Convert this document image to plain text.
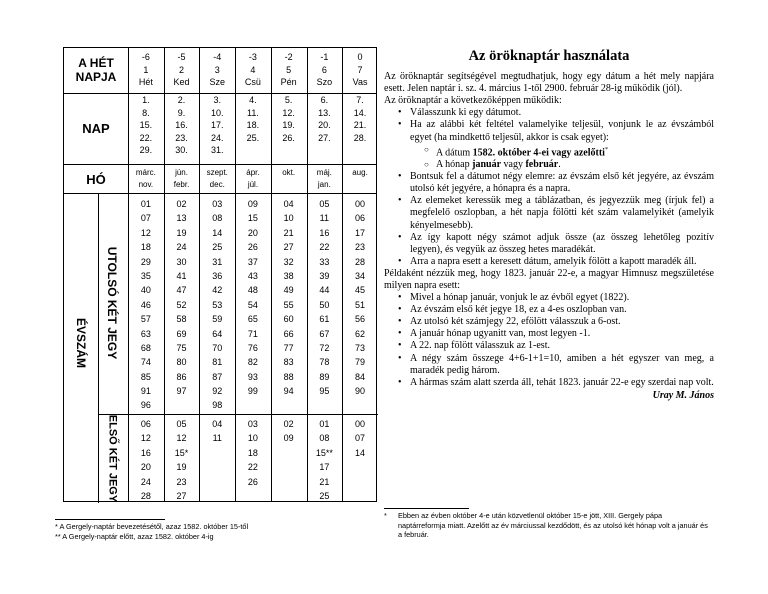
A HÉT NAPJA
NAP
HÓ
ÉVSZÁM UTOLSÓ KÉT JEGY
ELSŐ KÉT JEGY
-6
1
Hét
1.
8.
15.
22.
29.
márc.
nov.
01
07
12
18
29
35
40
46
57
63
68
74
85
91
96
06
12
16
20
24
28
-5
2
Ked
2.
9.
16.
23.
30.
jún.
febr.
02
13
19
24
30
41
47
52
58
69
75
80
86
97
05
12
15*
19
23
27
-4
3
Sze
3.
10.
17.
24.
31.
szept.
dec.
03
08
14
25
31
36
42
53
59
64
70
81
87
92
98
04
11
-3
4
Csü
4.
11.
18.
25.
ápr.
júl.
09
15
20
26
37
43
48
54
65
71
76
82
93
99
03
10
18
22
26
-2
5
Pén
5.
12.
19.
26.
okt.
04
10
21
27
32
38
49
55
60
66
77
83
88
94
02
09
-1
6
Szo
6.
13.
20.
27.
máj.
jan.
05
11
16
22
33
39
44
50
61
67
72
78
89
95
01
08
15**
17
21
25
0
7
Vas
7.
14.
21.
28.
aug.
00
06
17
23
28
34
45
51
56
62
73
79
84
90
00
07
14
Az öröknaptár használata

Az öröknaptár segítségével megtudhatjuk, hogy egy dátum a hét mely napjára esett. Jelen naptár i. sz. 4. március 1-től 2900. február 28-ig működik (jól).

Az öröknaptár a következőképpen működik:

• Válasszunk ki egy dátumot.
• Ha az alábbi két feltétel valamelyike teljesül, vonjunk le az évszámból egyet (ha mindkettő teljesül, akkor is csak egyet):
○ A dátum 1582. október 4-ei vagy azelőtti*
○ A hónap január vagy február.
• Bontsuk fel a dátumot négy elemre: az évszám első két jegyére, az évszám utolsó két jegyére, a hónapra és a napra.
• Az elemeket keressük meg a táblázatban, és jegyezzük meg (írjuk fel) a megfelelő oszlopban, a hét napja fölötti két szám valamelyikét (amelyik kényelmesebb).
• Az így kapott négy számot adjuk össze (az összeg lehetőleg pozitív legyen), és vegyük az összeg hetes maradékát.
• Arra a napra esett a keresett dátum, amelyik fölött a kapott maradék áll.

Példaként nézzük meg, hogy 1823. január 22-e, a magyar Himnusz megszületése milyen napra esett:

• Mivel a hónap január, vonjuk le az évből egyet (1822).
• Az évszám első két jegye 18, ez a 4-es oszlopban van.
• Az utolsó két számjegy 22, efölött válasszuk a 6-ost.
• A január hónap ugyanitt van, most legyen -1.
• A 22. nap fölött válasszuk az 1-est.
• A négy szám összege 4+6-1+1=10, amiben a hét egyszer van meg, a maradék pedig három.
• A hármas szám alatt szerda áll, tehát 1823. január 22-e egy szerdai nap volt.
Uray M. János
* A Gergely-naptár bevezetésétől, azaz 1582. október 15-től
** A Gergely-naptár előtt, azaz 1582. október 4-ig
*	Ebben az évben október 4-e után közvetlenül október 15-e jött, XIII. Gergely pápa naptárreformja miatt. Azelőtt az év márciussal kezdődött, és az utolsó két hónap volt a január és a február.
